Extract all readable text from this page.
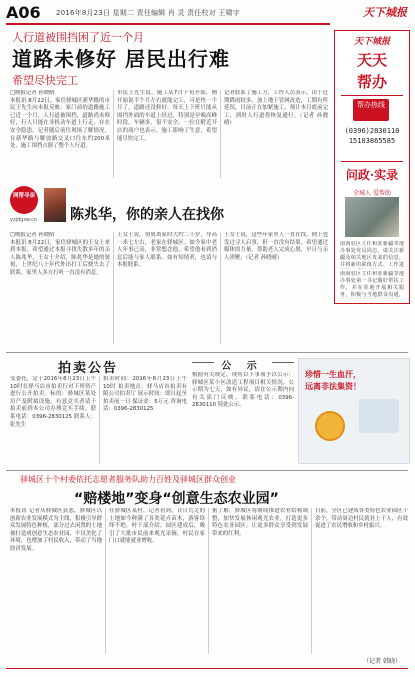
A06 2016年8月23日 星期二 责任编辑 肖 灵 责任校对 王啸宇	天下城报
天下城报
天天
帮办
帮办热线
(0396)2830110
15103865585
问政·实录
全城人 爱帮助
南海驻区主任和驻新疆等地办事处党员同志，请关注新疆及相关地区发来的信息，并将新的联络方式、工作进
南海驻区主任和驻新疆等地办事处第一书记做好帮扶工作，并在驻地开展相关服务，积极与当地群众沟通，
人行道被围挡困了近一个月
道路未修好 居民出行难
希望尽快完工
□晚报记者 孙晓晴
本报讯 8月22日，家住驿城区新华路的市民王先生向本报反映：家门前的道路施工已近一个月，人行道被围挡，道路尚未修好，行人只能在非机动车道上行走，存在安全隐患。记者随后前往现场了解情况。在新华路与解放路交叉口往东约200米处，施工围挡占据了整个人行道。
市民王先生说，施工从7月下旬开始，刚开始说半个月左右就能完工，可是快一个月了，道路还没修好。每天上下班只能从围挡外面的车道上经过，特别是早晚高峰时段，车辆多，很不安全。一位在附近开店的商户也表示，施工影响了生意，希望能尽快完工。
记者联系了施工方，工作人员表示，由于近期降雨较多，加上地下管网改造，工期有所延误，目前正在加紧施工，预计本月底前完工，到时人行道将恢复通行。（记者 孙晓晴）
网帮寻亲
yzjdgsw.cn 陈兆华，你的亲人在找你
□晚报记者 孙晓晴
本报讯 8月22日，家住驿城区的王女士来到本报，希望通过本报寻找失散多年的亲人陈兆华。王女士介绍，陈兆华是她的舅舅，上世纪八十年代外出打工后便失去了联系，家里人多方打听一直没有消息。
王女士说，舅舅离家时大约二十岁，身高一米七左右，老家在驿城区。如今家中老人年事已高，非常想念他，希望他看到消息后能与家人联系。如有知情者，也请与本报联系。
王女士说，这些年家里人一直在找，网上也发过寻人启事，但一直没有结果。希望通过媒体的力量，帮助老人完成心愿，早日与亲人团聚。（记者 孙晓晴）
拍卖公告
受委托，定于2016年8月23日上午10时在驿马店市拍卖行对下列资产进行公开拍卖。标的：驿城区某处房产及附属设施。有意竞买者请于拍卖前到本公司办理竞买手续。联系电话：0396-2830125 联系人：张先生
拍卖时间：2016年8月23日上午10时 拍卖地点：驿马店市拍卖有限公司拍卖厅 展示时间：即日起至拍卖前一日 保证金：5万元 咨询电话：0396-2830125
公 示
根据有关规定，现将以下事项予以公示：驿城区某小区改造工程项目相关情况，公示期为七天，如有异议，请在公示期内向有关部门反映。联系电话：0396-2830110 特此公示。
珍惜一生血汗，
远离非法集资！
驿城区十个村委依托志愿者服务队助力百姓及驿城区群众创业
“赔楼地”变身“创意生态农业园”
本报讯 记者从驿城区获悉，驿城区以创新农业发展模式为主线，积极引导群众发展特色种植，部分过去闲置的土地被打造成创意生态农业园，不仅美化了环境，也增加了村民收入，带动了当地经济发展。
在驿城区某村，记者看到，昔日荒芜的土地如今种满了各类花卉苗木，游客络绎不绝。村干部介绍，园区建成后，吸引了大批市民前来观光采摘，村民在家门口就能就业增收。
据了解，驿城区将继续推进农业结构调整，加快发展休闲观光农业，打造更多特色农业园区，让更多群众享受到发展带来的红利。
目前，全区已建成各类特色农业园区十余个，带动周边村民就业上千人，有效促进了农民增收和乡村振兴。
（记者 韩晓）
